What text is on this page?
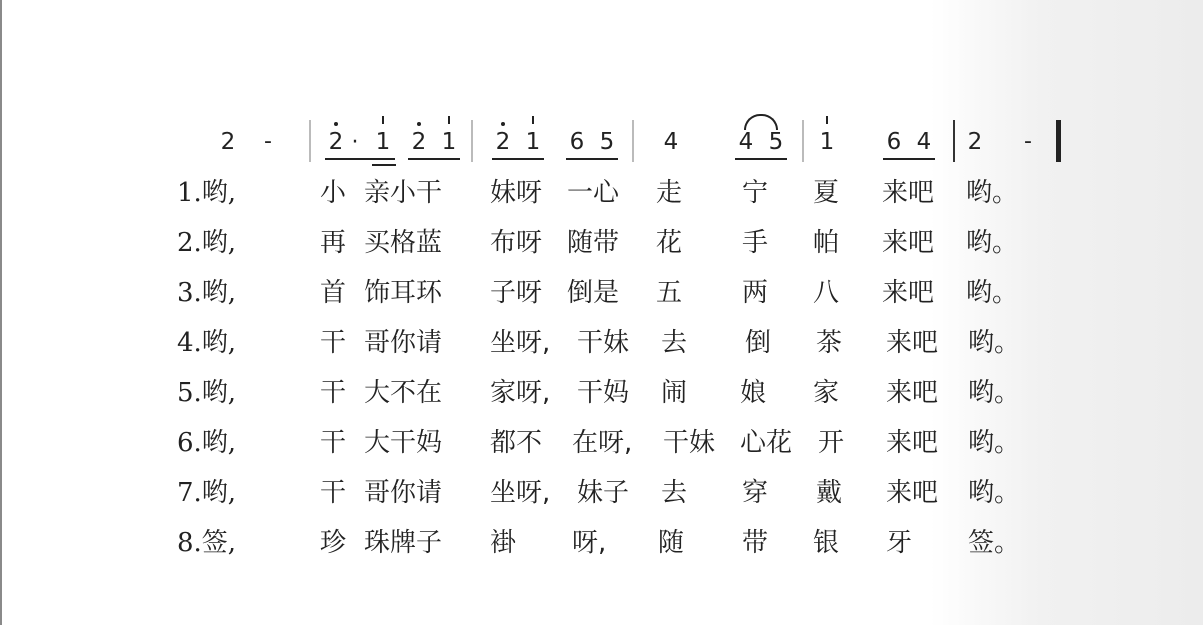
2	-	2 · 1 2 1 2 1 6 5 4	4 5 1 6 4 2	-
1.哟,	小 亲小干 妹呀 一心 走 宁 夏 来吧 哟。
2.哟,	再 买格蓝 布呀 随带 花 手 帕 来吧 哟。
3.哟,	首 饰耳环 子呀 倒是 五 两 八 来吧 哟。
4.哟,	干 哥你请 坐呀, 干妹 去 倒 茶 来吧 哟。
5.哟,	干 大不在 家呀, 干妈 闹 娘 家 来吧 哟。
6.哟,	干 大干妈 都不 在呀, 干妹 心花 开 来吧 哟。
7.哟,	干 哥你请 坐呀, 妹子 去 穿 戴 来吧 哟。
8.签,	珍 珠牌子 褂 呀, 随 带 银 牙 签。
